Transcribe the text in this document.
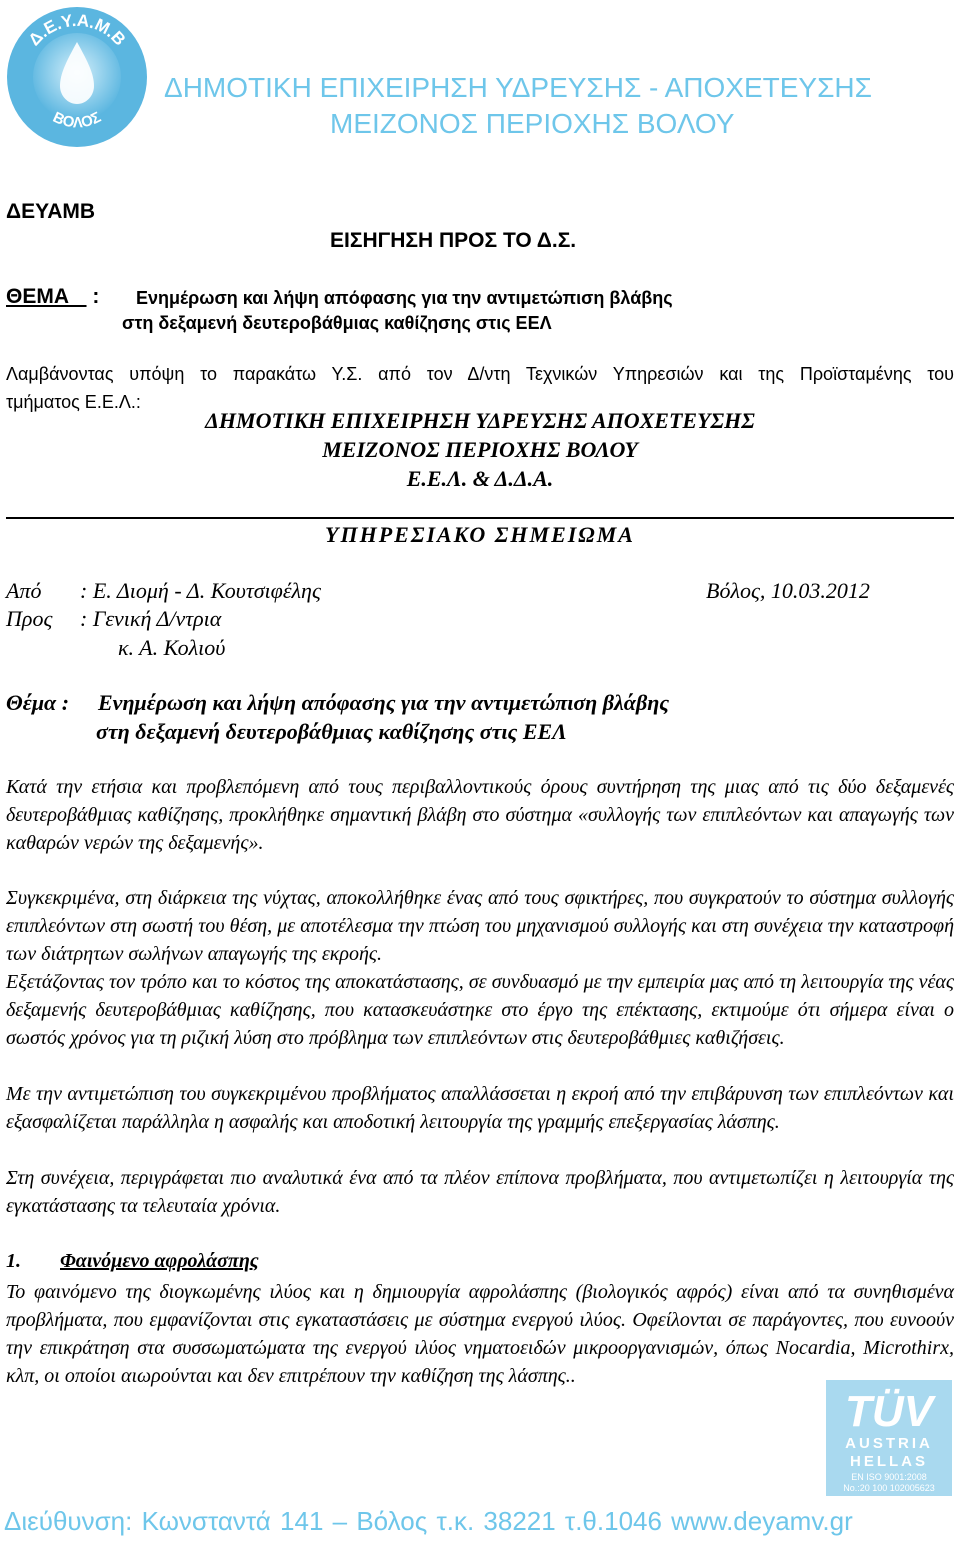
Δ.Ε.Υ.Α.Μ.Β
ΒΟΛΟΣ
ΔΗΜΟΤΙΚΗ ΕΠΙΧΕΙΡΗΣΗ ΥΔΡΕΥΣΗΣ - ΑΠΟΧΕΤΕΥΣΗΣ
ΜΕΙΖΟΝΟΣ ΠΕΡΙΟΧΗΣ ΒΟΛΟΥ
ΔΕΥΑΜΒ
ΕΙΣΗΓΗΣΗ ΠΡΟΣ ΤΟ Δ.Σ.
ΘΕΜΑ : Ενημέρωση και λήψη απόφασης για την αντιμετώπιση βλάβης
στη δεξαμενή δευτεροβάθμιας καθίζησης στις ΕΕΛ
Λαμβάνοντας υπόψη το παρακάτω Υ.Σ. από τον Δ/ντη Τεχνικών Υπηρεσιών και της Προϊσταμένης του
τμήματος Ε.Ε.Λ.:
ΔΗΜΟΤΙΚΗ ΕΠΙΧΕΙΡΗΣΗ ΥΔΡΕΥΣΗΣ ΑΠΟΧΕΤΕΥΣΗΣ
ΜΕΙΖΟΝΟΣ ΠΕΡΙΟΧΗΣ ΒΟΛΟΥ
Ε.Ε.Λ. & Δ.Δ.Α.
ΥΠΗΡΕΣΙΑΚΟ ΣΗΜΕΙΩΜΑ
Από : Ε. Διομή - Δ. Κουτσιφέλης	Βόλος, 10.03.2012
Προς : Γενική Δ/ντρια
κ. Α. Κολιού
Θέμα : Ενημέρωση και λήψη απόφασης για την αντιμετώπιση βλάβης
στη δεξαμενή δευτεροβάθμιας καθίζησης στις ΕΕΛ

Κατά την ετήσια και προβλεπόμενη από τους περιβαλλοντικούς όρους συντήρηση της μιας από τις δύο δεξαμενές δευτεροβάθμιας καθίζησης, προκλήθηκε σημαντική βλάβη στο σύστημα «συλλογής των επιπλεόντων και απαγωγής των καθαρών νερών της δεξαμενής».

Συγκεκριμένα, στη διάρκεια της νύχτας, αποκολλήθηκε ένας από τους σφικτήρες, που συγκρατούν το σύστημα συλλογής επιπλεόντων στη σωστή του θέση, με αποτέλεσμα την πτώση του μηχανισμού συλλογής και στη συνέχεια την καταστροφή των διάτρητων σωλήνων απαγωγής της εκροής.

Εξετάζοντας τον τρόπο και το κόστος της αποκατάστασης, σε συνδυασμό με την εμπειρία μας από τη λειτουργία της νέας δεξαμενής δευτεροβάθμιας καθίζησης, που κατασκευάστηκε στο έργο της επέκτασης, εκτιμούμε ότι σήμερα είναι ο σωστός χρόνος για τη ριζική λύση στο πρόβλημα των επιπλεόντων στις δευτεροβάθμιες καθιζήσεις.

Με την αντιμετώπιση του συγκεκριμένου προβλήματος απαλλάσσεται η εκροή από την επιβάρυνση των επιπλεόντων και εξασφαλίζεται παράλληλα η ασφαλής και αποδοτική λειτουργία της γραμμής επεξεργασίας λάσπης.

Στη συνέχεια, περιγράφεται πιο αναλυτικά ένα από τα πλέον επίπονα προβλήματα, που αντιμετωπίζει η λειτουργία της εγκατάστασης τα τελευταία χρόνια.

1. Φαινόμενο αφρολάσπης

Το φαινόμενο της διογκωμένης ιλύος και η δημιουργία αφρολάσπης (βιολογικός αφρός) είναι από τα συνηθισμένα προβλήματα, που εμφανίζονται στις εγκαταστάσεις με σύστημα ενεργού ιλύος. Οφείλονται σε παράγοντες, που ευνοούν την επικράτηση στα συσσωματώματα της ενεργού ιλύος νηματοειδών μικροοργανισμών, όπως Nocardia, Microthirx, κλπ, οι οποίοι αιωρούνται και δεν επιτρέπουν την καθίζηση της λάσπης..

TÜV
AUSTRIA
HELLAS
EN ISO 9001:2008
No.:20 100 102005623
Διεύθυνση: Κωνσταντά 141 – Βόλος τ.κ. 38221 τ.θ.1046 www.deyamv.gr
